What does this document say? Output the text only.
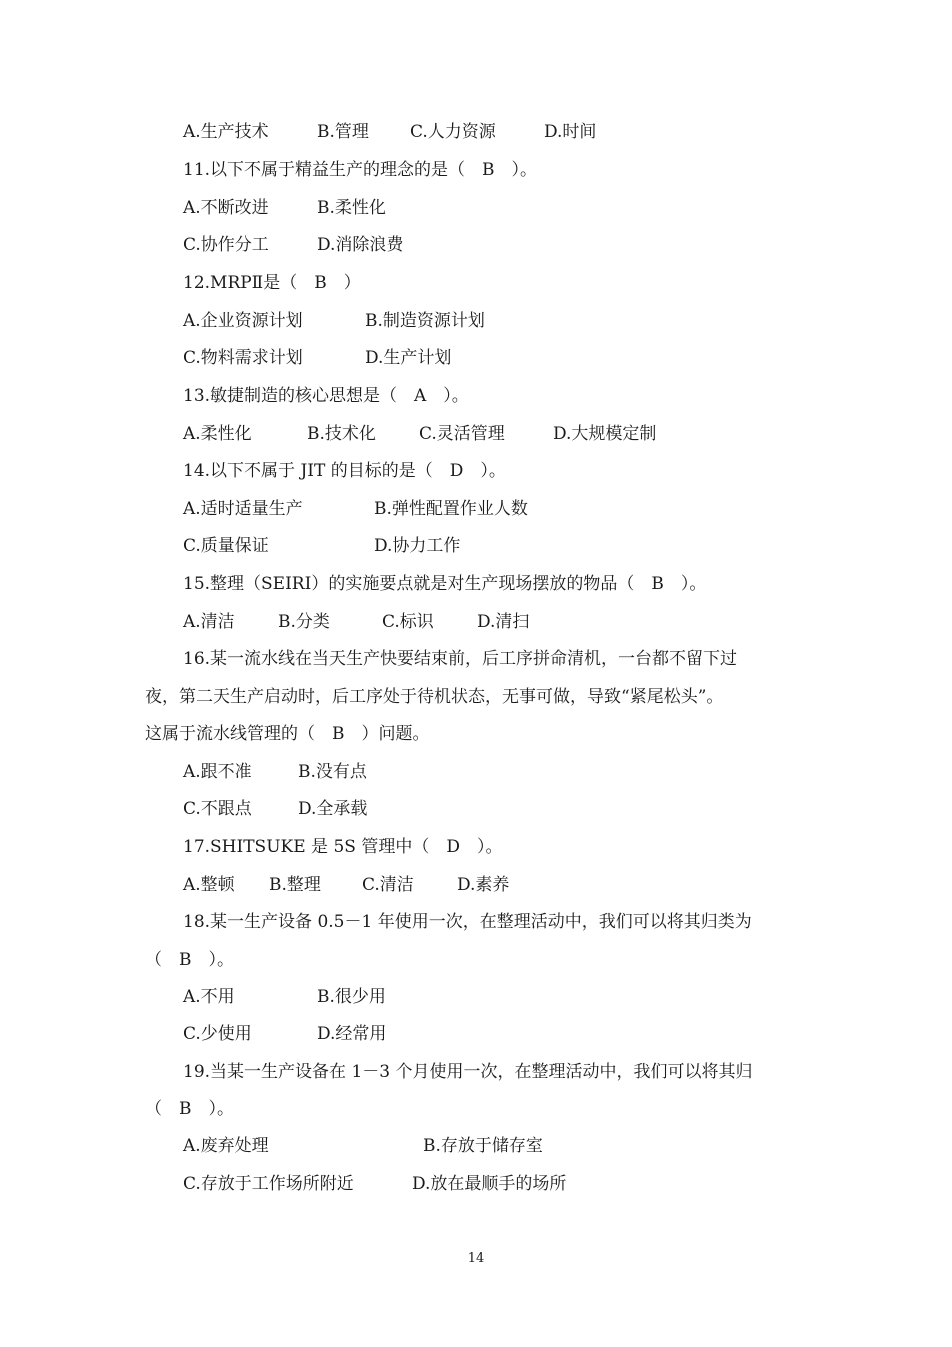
A.生产技术	B.管理 C.人力资源	D.时间
11.以下不属于精益生产的理念的是（　B　）。
A.不断改进	B.柔性化
C.协作分工	D.消除浪费
12.MRPⅡ是（　B　）
A.企业资源计划	B.制造资源计划
C.物料需求计划	D.生产计划
13.敏捷制造的核心思想是（　A　）。
A.柔性化	B.技术化	C.灵活管理	D.大规模定制
14.以下不属于 JIT 的目标的是（　D　）。
A.适时适量生产	B.弹性配置作业人数
C.质量保证	D.协力工作
15.整理（SEIRI）的实施要点就是对生产现场摆放的物品（　B　）。
A.清洁	B.分类	C.标识	D.清扫
16.某一流水线在当天生产快要结束前，后工序拼命清机，一台都不留下过
夜，第二天生产启动时，后工序处于待机状态，无事可做，导致“紧尾松头”。
这属于流水线管理的（　B　）问题。
A.跟不准	B.没有点
C.不跟点	D.全承载
17.SHITSUKE 是 5S 管理中（　D　）。
A.整顿 B.整理 C.清洁	D.素养
18.某一生产设备 0.5－1 年使用一次，在整理活动中，我们可以将其归类为
（　B　）。
A.不用	B.很少用
C.少使用	D.经常用
19.当某一生产设备在 1－3 个月使用一次，在整理活动中，我们可以将其归
（　B　）。
A.废弃处理	B.存放于储存室
C.存放于工作场所附近	D.放在最顺手的场所
14
